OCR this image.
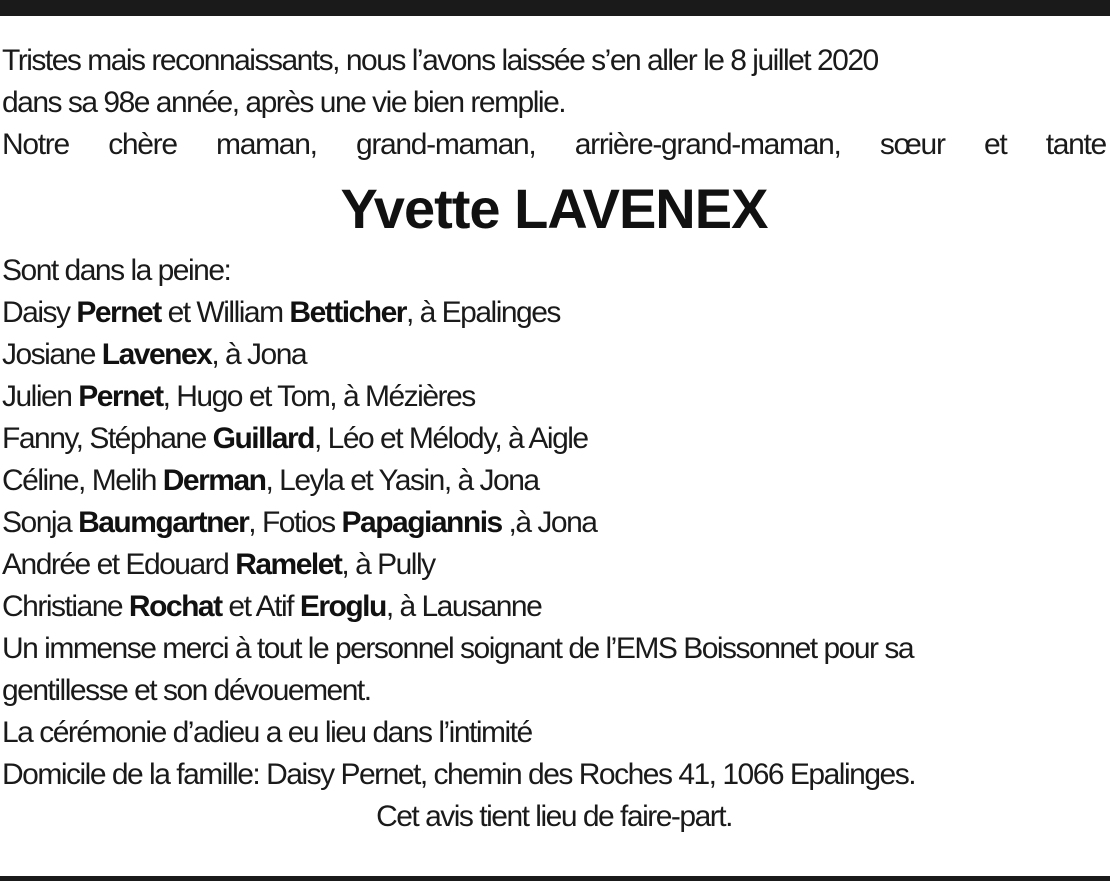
Tristes mais reconnaissants, nous l’avons laissée s’en aller le 8 juillet 2020
dans sa 98e année, après une vie bien remplie.
Notre chère maman, grand-maman, arrière-grand-maman, sœur et tante
Yvette LAVENEX
Sont dans la peine:
Daisy Pernet et William Betticher, à Epalinges
Josiane Lavenex, à Jona
Julien Pernet, Hugo et Tom, à Mézières
Fanny, Stéphane Guillard, Léo et Mélody, à Aigle
Céline, Melih Derman, Leyla et Yasin, à Jona
Sonja Baumgartner, Fotios Papagiannis ,à Jona
Andrée et Edouard Ramelet, à Pully
Christiane Rochat et Atif Eroglu, à Lausanne
Un immense merci à tout le personnel soignant de l’EMS Boissonnet pour sa
gentillesse et son dévouement.
La cérémonie d’adieu a eu lieu dans l’intimité
Domicile de la famille: Daisy Pernet, chemin des Roches 41, 1066 Epalinges.
Cet avis tient lieu de faire-part.
